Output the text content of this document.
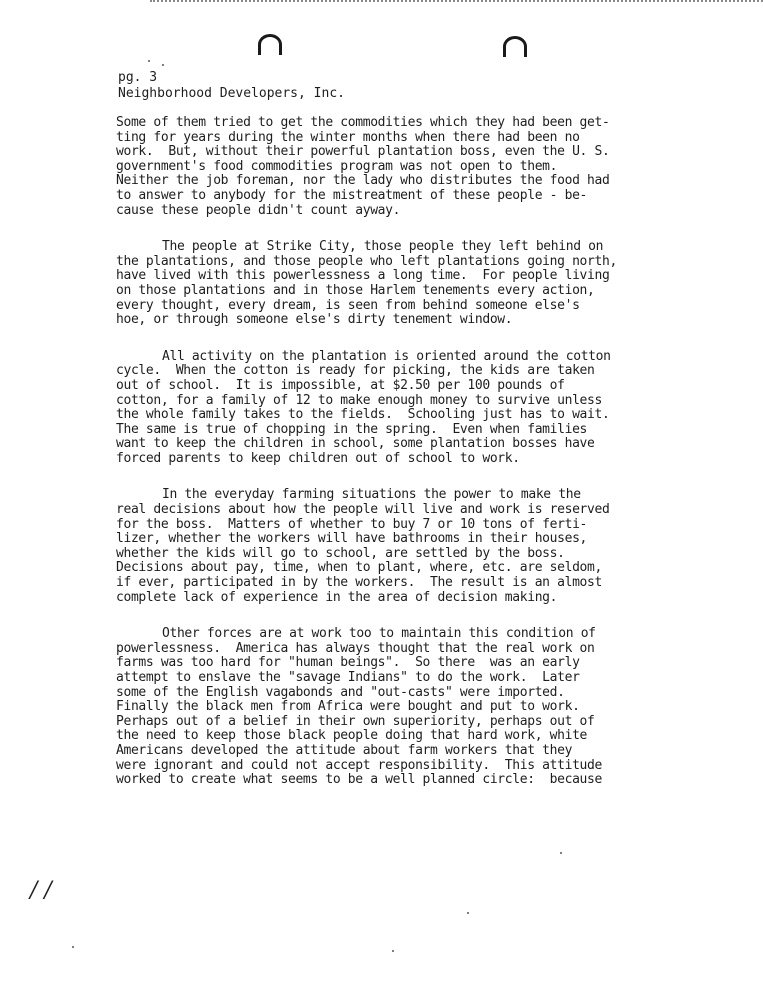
pg. 3
Neighborhood Developers, Inc.
Some of them tried to get the commodities which they had been get-
ting for years during the winter months when there had been no
work.  But, without their powerful plantation boss, even the U. S.
government's food commodities program was not open to them.
Neither the job foreman, nor the lady who distributes the food had
to answer to anybody for the mistreatment of these people - be-
cause these people didn't count ayway.
The people at Strike City, those people they left behind on
the plantations, and those people who left plantations going north,
have lived with this powerlessness a long time.  For people living
on those plantations and in those Harlem tenements every action,
every thought, every dream, is seen from behind someone else's
hoe, or through someone else's dirty tenement window.
All activity on the plantation is oriented around the cotton
cycle.  When the cotton is ready for picking, the kids are taken
out of school.  It is impossible, at $2.50 per 100 pounds of
cotton, for a family of 12 to make enough money to survive unless
the whole family takes to the fields.  Schooling just has to wait.
The same is true of chopping in the spring.  Even when families
want to keep the children in school, some plantation bosses have
forced parents to keep children out of school to work.
In the everyday farming situations the power to make the
real decisions about how the people will live and work is reserved
for the boss.  Matters of whether to buy 7 or 10 tons of ferti-
lizer, whether the workers will have bathrooms in their houses,
whether the kids will go to school, are settled by the boss.
Decisions about pay, time, when to plant, where, etc. are seldom,
if ever, participated in by the workers.  The result is an almost
complete lack of experience in the area of decision making.
Other forces are at work too to maintain this condition of
powerlessness.  America has always thought that the real work on
farms was too hard for "human beings".  So there  was an early
attempt to enslave the "savage Indians" to do the work.  Later
some of the English vagabonds and "out-casts" were imported.
Finally the black men from Africa were bought and put to work.
Perhaps out of a belief in their own superiority, perhaps out of
the need to keep those black people doing that hard work, white
Americans developed the attitude about farm workers that they
were ignorant and could not accept responsibility.  This attitude
worked to create what seems to be a well planned circle:  because
/ /
